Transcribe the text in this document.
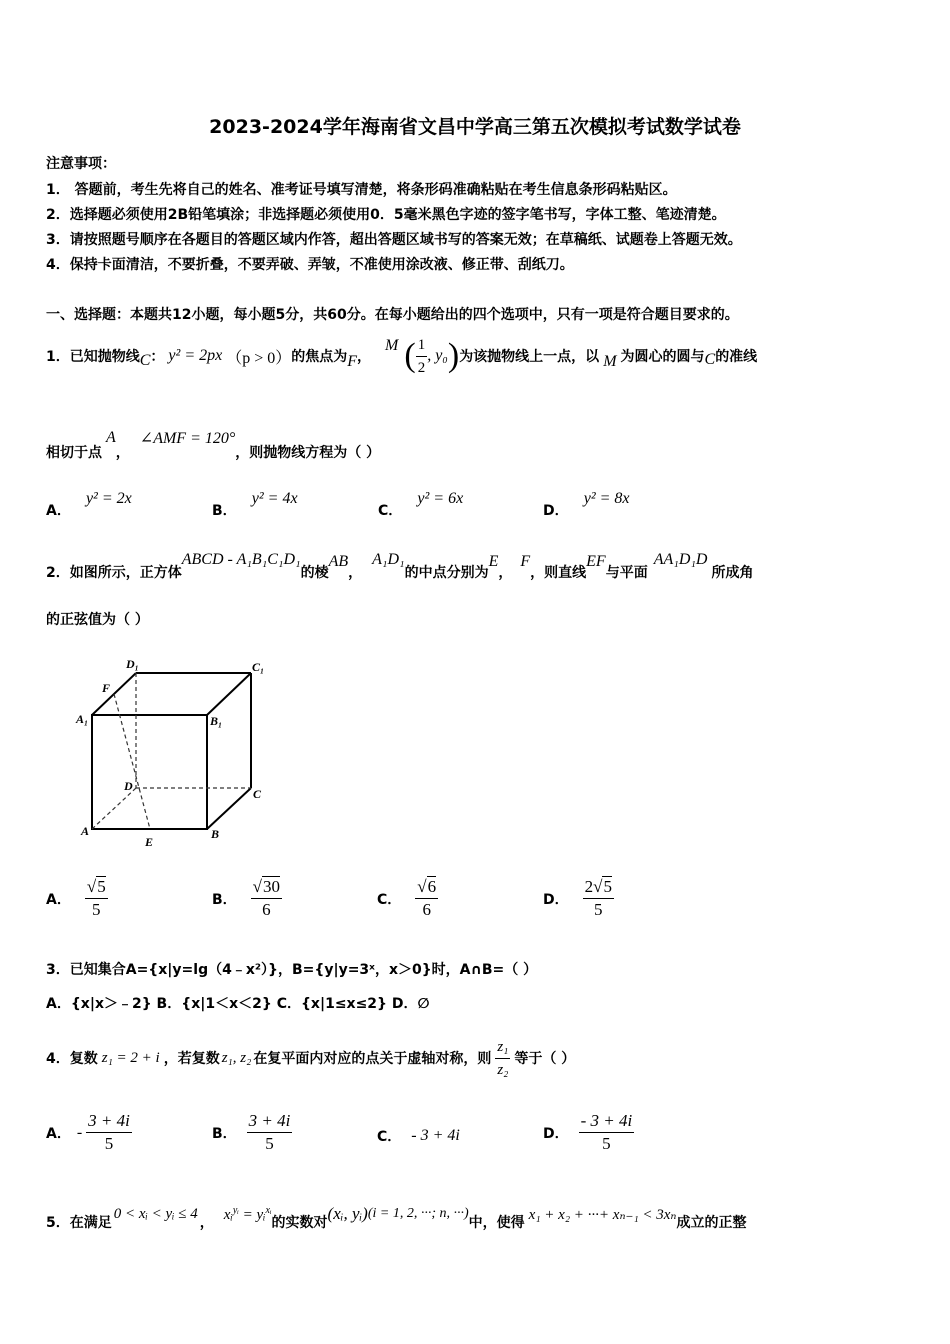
2023-2024学年海南省文昌中学高三第五次模拟考试数学试卷
注意事项：
1． 答题前，考生先将自己的姓名、准考证号填写清楚，将条形码准确粘贴在考生信息条形码粘贴区。
2．选择题必须使用2B铅笔填涂；非选择题必须使用0．5毫米黑色字迹的签字笔书写，字体工整、笔迹清楚。
3．请按照题号顺序在各题目的答题区域内作答，超出答题区域书写的答案无效；在草稿纸、试题卷上答题无效。
4．保持卡面清洁，不要折叠，不要弄破、弄皱，不准使用涂改液、修正带、刮纸刀。
一、选择题：本题共12小题，每小题5分，共60分。在每小题给出的四个选项中，只有一项是符合题目要求的。
1．已知抛物线 C ： y² = 2px （p > 0） 的焦点为 F ，
M ( $\frac{1}{2}$ , y₀ ) 为该抛物线上一点，以 M 为圆心的圆与 C 的准线
相切于点
A
，
∠AMF = 120°
，则抛物线方程为（ ）
A． y² = 2x
B． y² = 4x
C． y² = 6x
D． y² = 8x
2．如图所示，正方体
ABCD - A₁B₁C₁D₁
的棱
AB
，
A₁D₁
的中点分别为
E
，
F
，则直线
EF
与平面
AA₁D₁D
所成角
的正弦值为（ ）
D₁	C₁
F
A₁	B₁
D
C
A	B
E
A． $\frac{√5}{5}$	B． $\frac{√30}{6}$	C． $\frac{√6}{6}$	D． $\frac{2√5}{5}$
3．已知集合A={x|y=lg（4﹣x²）}，B={y|y=3ˣ，x＞0}时，A∩B=（ ）
A．{x|x＞﹣2} B．{x|1＜x＜2} C．{x|1≤x≤2} D．∅
4．复数 z₁ = 2 + i ，若复数 z₁, z₂ 在复平面内对应的点关于虚轴对称，则 $\frac{\text{z₁}}{\text{z₂}}$ 等于（ ）
A． - $\frac{3 + 4i}{5}$	B． $\frac{3 + 4i}{5}$	C． - 3 + 4i	D． $\frac{- 3 + 4i}{5}$
5．在满足
0 < xᵢ < yᵢ ≤ 4
，
xᵢ$^{yᵢ}$ = yᵢ$^{xᵢ}$
的实数对 (xᵢ, yᵢ) (i = 1, 2, ···; n, ···)
中，使得
x₁ + x₂ + ···+ xₙ₋₁ < 3xₙ
成立的正整
